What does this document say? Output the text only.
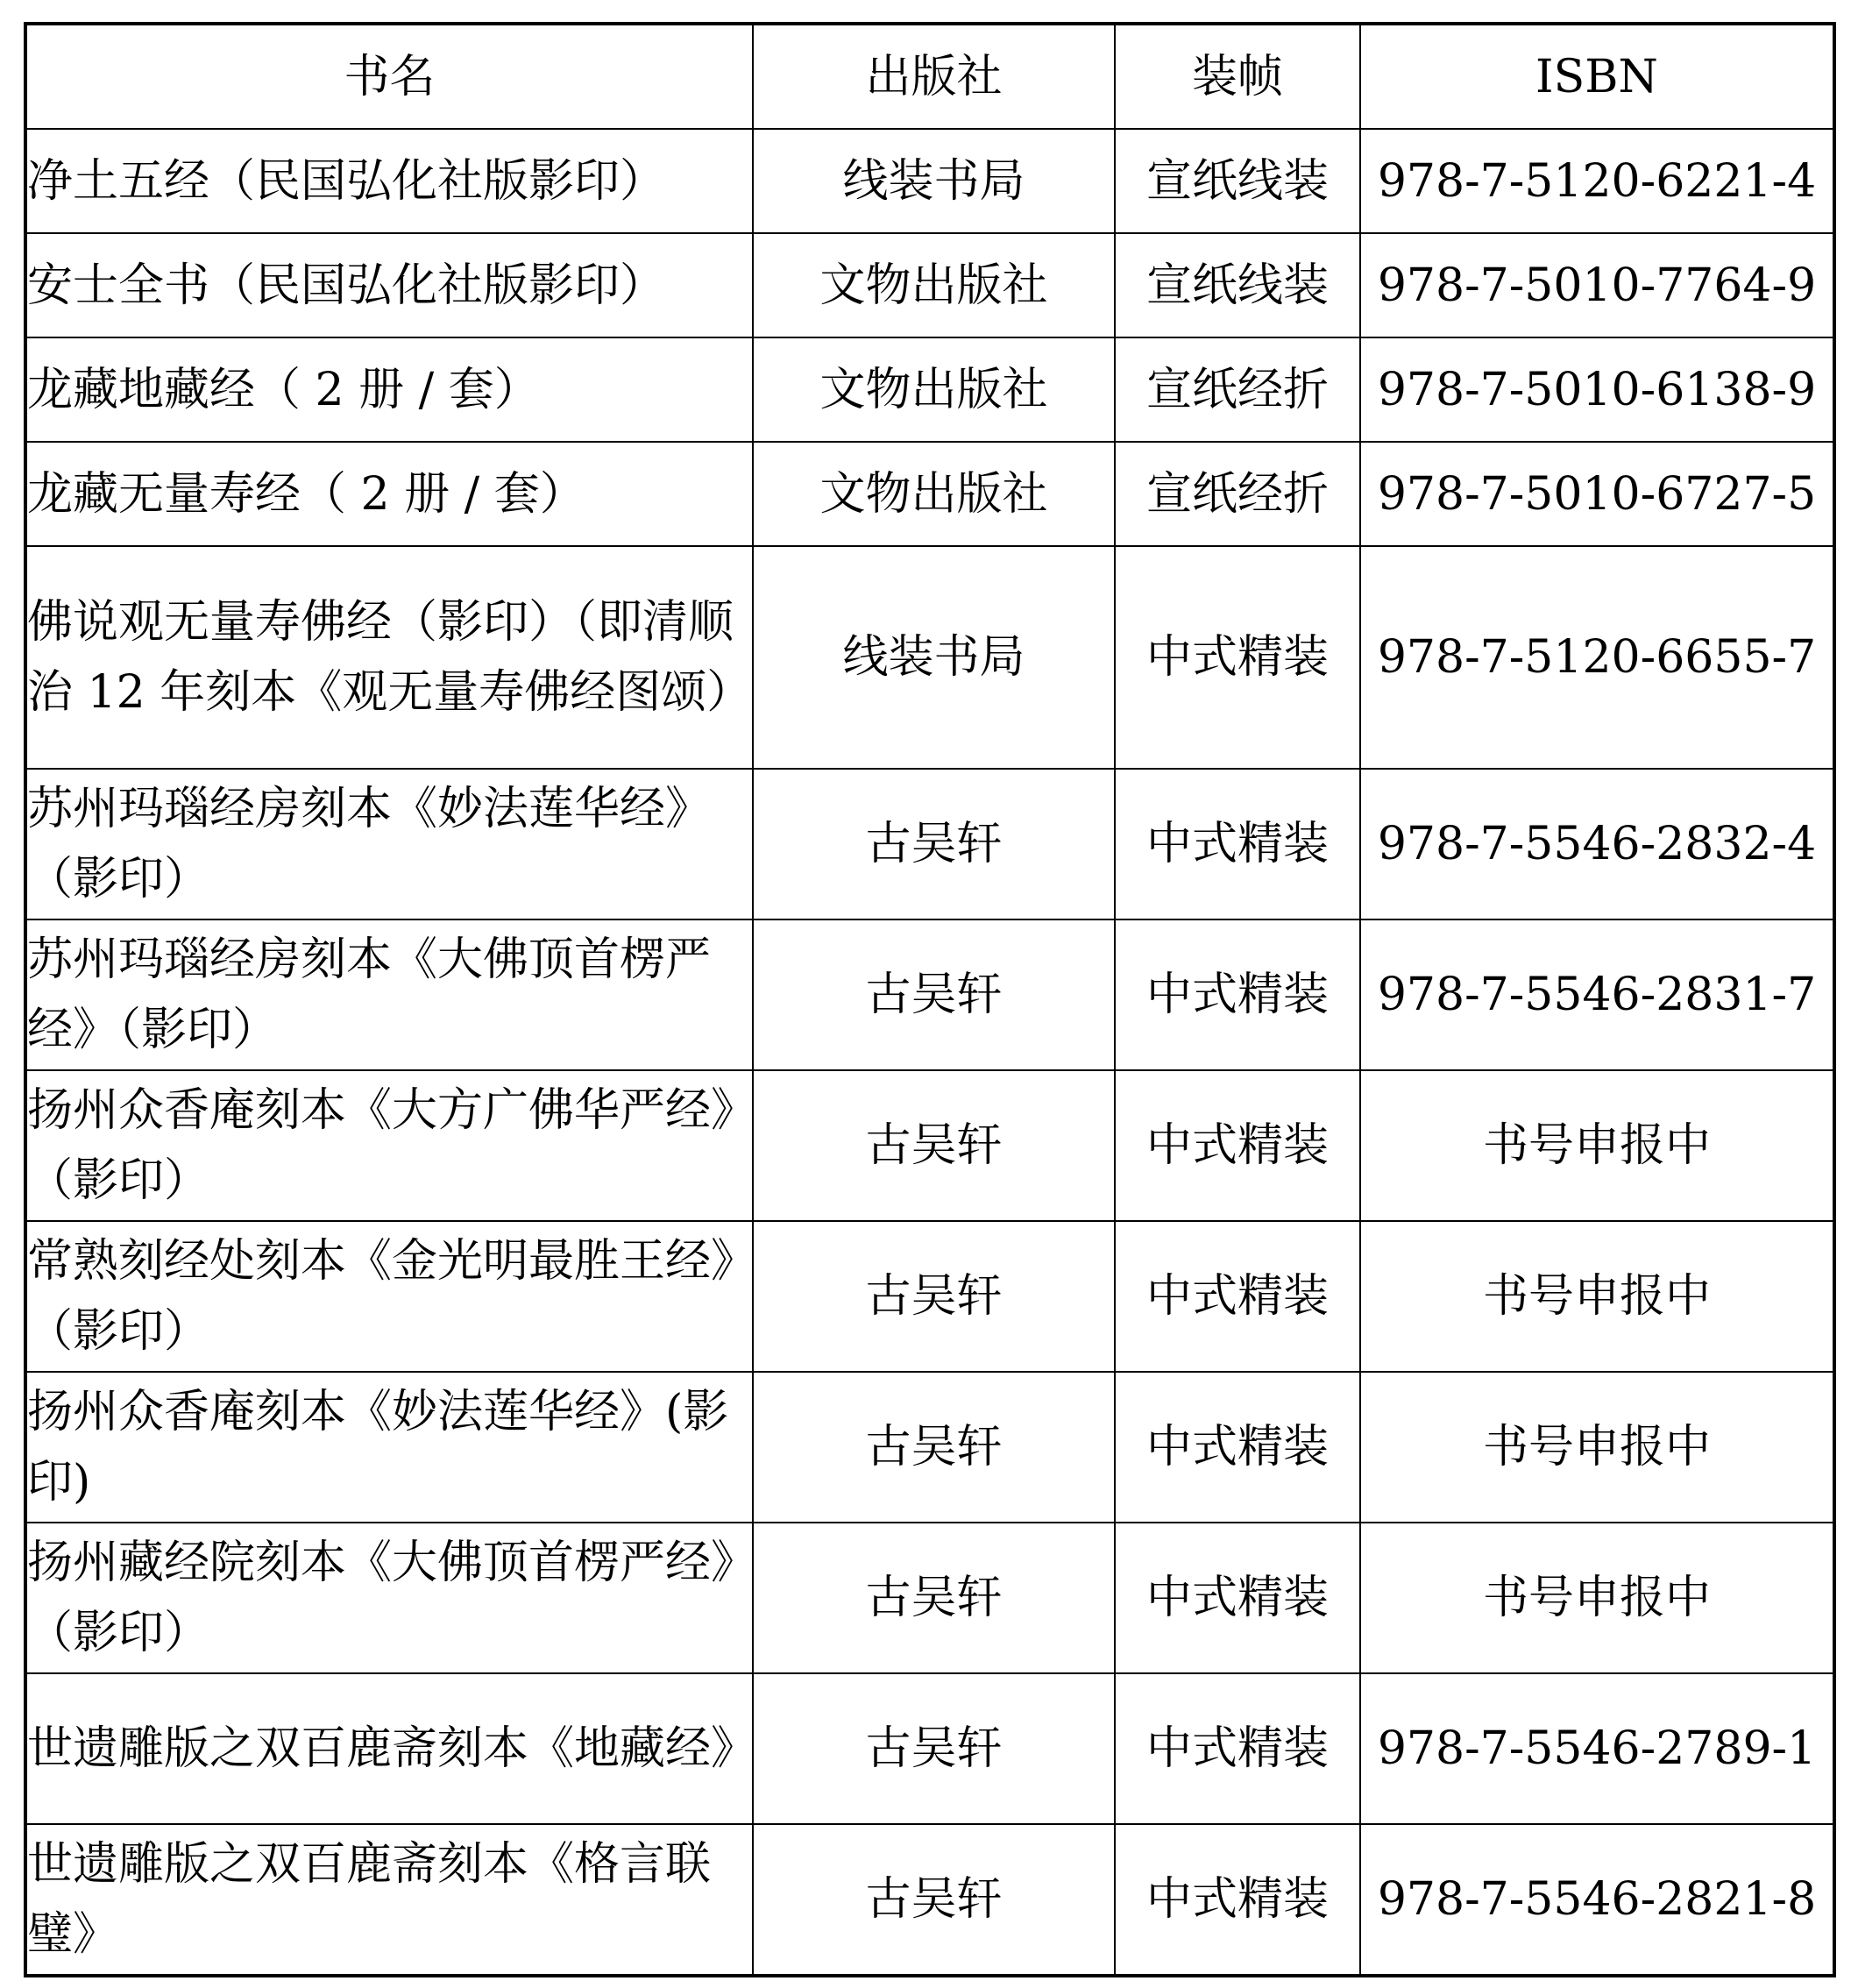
书名	出版社	装帧	ISBN
净土五经（民国弘化社版影印）	线装书局	宣纸线装	978-7-5120-6221-4
安士全书（民国弘化社版影印）	文物出版社	宣纸线装	978-7-5010-7764-9
龙藏地藏经（ 2 册 / 套）	文物出版社	宣纸经折	978-7-5010-6138-9
龙藏无量寿经（ 2 册 / 套）	文物出版社	宣纸经折	978-7-5010-6727-5
佛说观无量寿佛经（影印）（即清顺治 12 年刻本《观无量寿佛经图颂）	线装书局	中式精装	978-7-5120-6655-7
苏州玛瑙经房刻本《妙法莲华经》（影印）	古吴轩	中式精装	978-7-5546-2832-4
苏州玛瑙经房刻本《大佛顶首楞严经》（影印）	古吴轩	中式精装	978-7-5546-2831-7
扬州众香庵刻本《大方广佛华严经》（影印）	古吴轩	中式精装	书号申报中
常熟刻经处刻本《金光明最胜王经》（影印）	古吴轩	中式精装	书号申报中
扬州众香庵刻本《妙法莲华经》(影印)	古吴轩	中式精装	书号申报中
扬州藏经院刻本《大佛顶首楞严经》（影印）	古吴轩	中式精装	书号申报中
世遗雕版之双百鹿斋刻本《地藏经》	古吴轩	中式精装	978-7-5546-2789-1
世遗雕版之双百鹿斋刻本《格言联璧》	古吴轩	中式精装	978-7-5546-2821-8
